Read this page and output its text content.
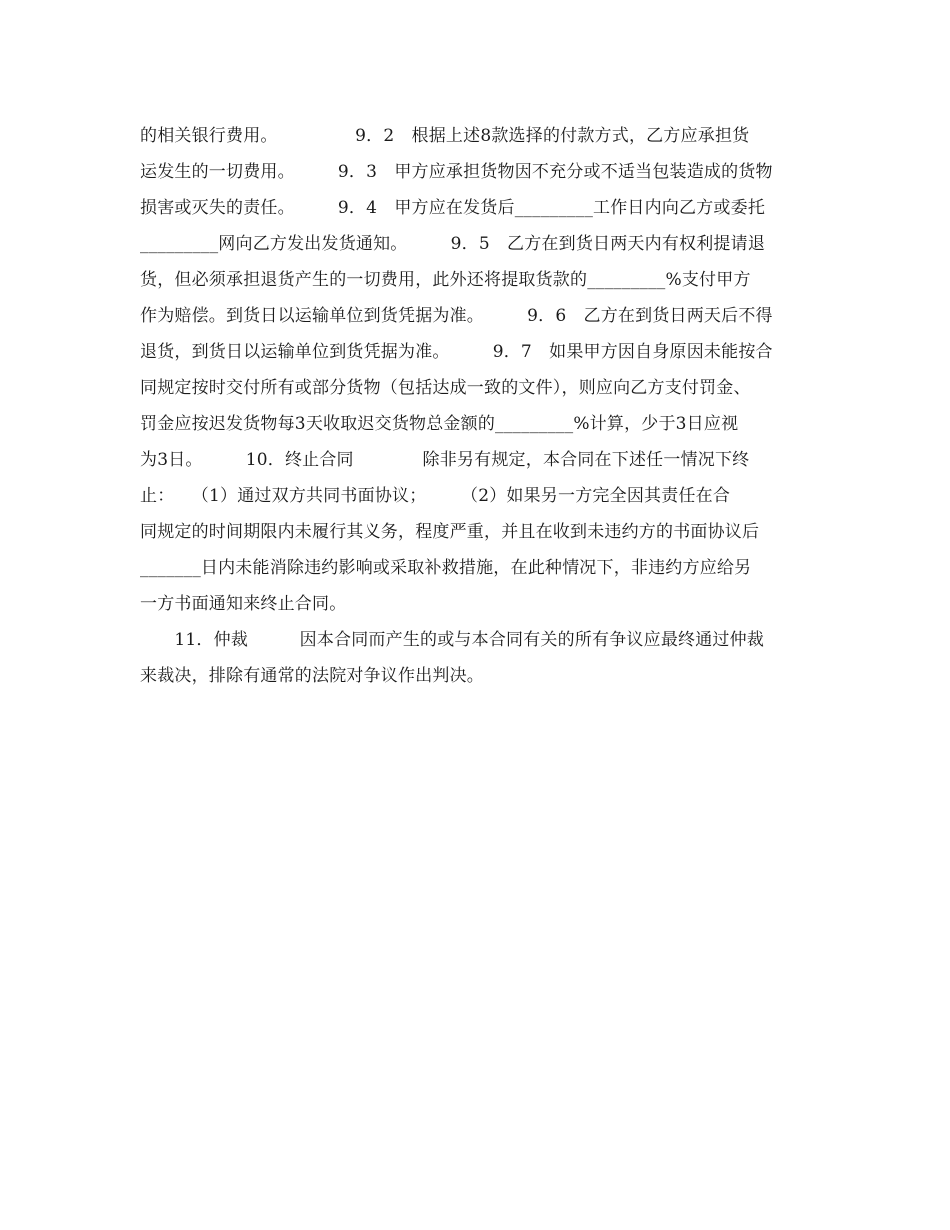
的相关银行费用。　　　　　9．2　根据上述8款选择的付款方式，乙方应承担货
运发生的一切费用。　　　9．3　甲方应承担货物因不充分或不适当包装造成的货物
损害或灭失的责任。　　　9．4　甲方应在发货后_________工作日内向乙方或委托
_________网向乙方发出发货通知。　　　9．5　乙方在到货日两天内有权利提请退
货，但必须承担退货产生的一切费用，此外还将提取货款的_________%支付甲方
作为赔偿。到货日以运输单位到货凭据为准。　　　9．6　乙方在到货日两天后不得
退货，到货日以运输单位到货凭据为准。　　　9．7　如果甲方因自身原因未能按合
同规定按时交付所有或部分货物（包括达成一致的文件），则应向乙方支付罚金、
罚金应按迟发货物每3天收取迟交货物总金额的_________%计算，少于3日应视
为3日。　　　10．终止合同　　　　除非另有规定，本合同在下述任一情况下终
止：　　（1）通过双方共同书面协议；　　　（2）如果另一方完全因其责任在合
同规定的时间期限内未履行其义务，程度严重，并且在收到未违约方的书面协议后
_______日内未能消除违约影响或采取补救措施，在此种情况下，非违约方应给另
一方书面通知来终止合同。
　　11．仲裁　　　因本合同而产生的或与本合同有关的所有争议应最终通过仲裁
来裁决，排除有通常的法院对争议作出判决。
